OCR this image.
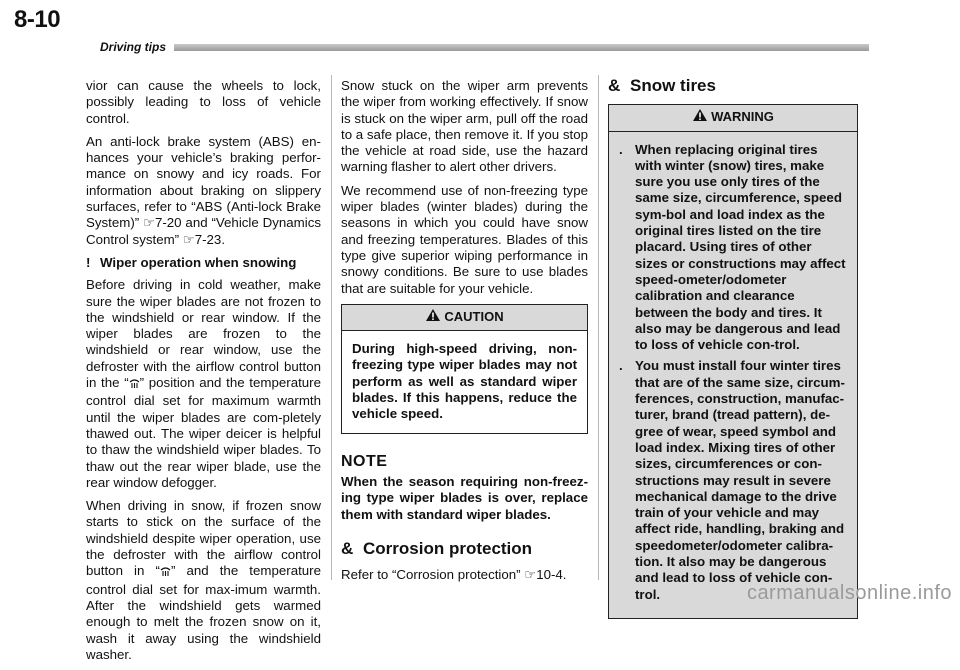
8-10
Driving tips

vior can cause the wheels to lock, possibly leading to loss of vehicle control.

An anti-lock brake system (ABS) en-hances your vehicle’s braking perfor-mance on snowy and icy roads. For information about braking on slippery surfaces, refer to “ABS (Anti-lock Brake System)” ☞7-20 and “Vehicle Dynamics Control system” ☞7-23.

! Wiper operation when snowing

Before driving in cold weather, make sure the wiper blades are not frozen to the windshield or rear window. If the wiper blades are frozen to the windshield or rear window, use the defroster with the airflow control button in the “ ” position and the temperature control dial set for maximum warmth until the wiper blades are com-pletely thawed out. The wiper deicer is helpful to thaw the windshield wiper blades. To thaw out the rear wiper blade, use the rear window defogger.

When driving in snow, if frozen snow starts to stick on the surface of the windshield despite wiper operation, use the defroster with the airflow control button in “ ” and the temperature control dial set for max-imum warmth. After the windshield gets warmed enough to melt the frozen snow on it, wash it away using the windshield washer.

Snow stuck on the wiper arm prevents the wiper from working effectively. If snow is stuck on the wiper arm, pull off the road to a safe place, then remove it. If you stop the vehicle at road side, use the hazard warning flasher to alert other drivers.

We recommend use of non-freezing type wiper blades (winter blades) during the seasons in which you could have snow and freezing temperatures. Blades of this type give superior wiping performance in snowy conditions. Be sure to use blades that are suitable for your vehicle.

CAUTION

During high-speed driving, non-freezing type wiper blades may not perform as well as standard wiper blades. If this happens, reduce the vehicle speed.

NOTE

When the season requiring non-freez-ing type wiper blades is over, replace them with standard wiper blades.

& Corrosion protection

Refer to “Corrosion protection” ☞10-4.

& Snow tires
WARNING
. When replacing original tires with winter (snow) tires, make sure you use only tires of the same size, circumference, speed sym-bol and load index as the original tires listed on the tire placard. Using tires of other sizes or constructions may affect speed-ometer/odometer calibration and clearance between the body and tires. It also may be dangerous and lead to loss of vehicle con-trol.
. You must install four winter tires that are of the same size, circum-ferences, construction, manufac-turer, brand (tread pattern), de-gree of wear, speed symbol and load index. Mixing tires of other sizes, circumferences or con-structions may result in severe mechanical damage to the drive train of your vehicle and may affect ride, handling, braking and speedometer/odometer calibra-tion. It also may be dangerous and lead to loss of vehicle con-trol.	carmanualsonline.info
